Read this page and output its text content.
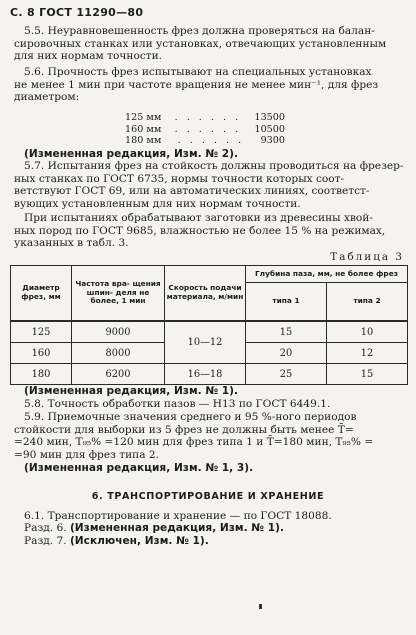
С. 8 ГОСТ 11290—80
5.5. Неуравновешенность фрез должна проверяться на балан-
сировочных станках или установках, отвечающих установленным
для них нормам точности.
5.6. Прочность фрез испытывают на специальных установках
не менее 1 мин при частоте вращения не менее мин⁻¹, для фрез
диаметром:
125 мм	. . . . . .	13500
160 мм	. . . . . .	10500
180 мм	. . . . . .	9300
(Измененная редакция, Изм. № 2).
5.7. Испытания фрез на стойкость должны проводиться на фрезер-
ных станках по ГОСТ 6735, нормы точности которых соот-
ветствуют ГОСТ 69, или на автоматических линиях, соответст-
вующих установленным для них нормам точности.
При испытаниях обрабатывают заготовки из древесины хвой-
ных пород по ГОСТ 9685, влажностью не более 15 % на режимах,
указанных в табл. 3.
Таблица 3
Диаметр фрез, мм	Частота вра- щения шпин- деля не более, 1 мин	Скорость подачи материала, м/мин	Глубина паза, мм, не более фрез	
			типа 1	типа 2
125	9000	10—12	15	10
160	8000		20	12
180	6200	16—18	25	15
(Измененная редакция, Изм. № 1).
5.8. Точность обработки пазов — Н13 по ГОСТ 6449.1.
5.9. Приемочные значения среднего и 95 %-ного периодов
стойкости для выборки из 5 фрез не должны быть менее T̄=
=240 мин, T₉₅% =120 мин для фрез типа 1 и T̄=180 мин, T₉₅% =
=90 мин для фрез типа 2.
(Измененная редакция, Изм. № 1, 3).
6. ТРАНСПОРТИРОВАНИЕ И ХРАНЕНИЕ
6.1. Транспортирование и хранение — по ГОСТ 18088.
Разд. 6. (Измененная редакция, Изм. № 1).
Разд. 7. (Исключен, Изм. № 1).
